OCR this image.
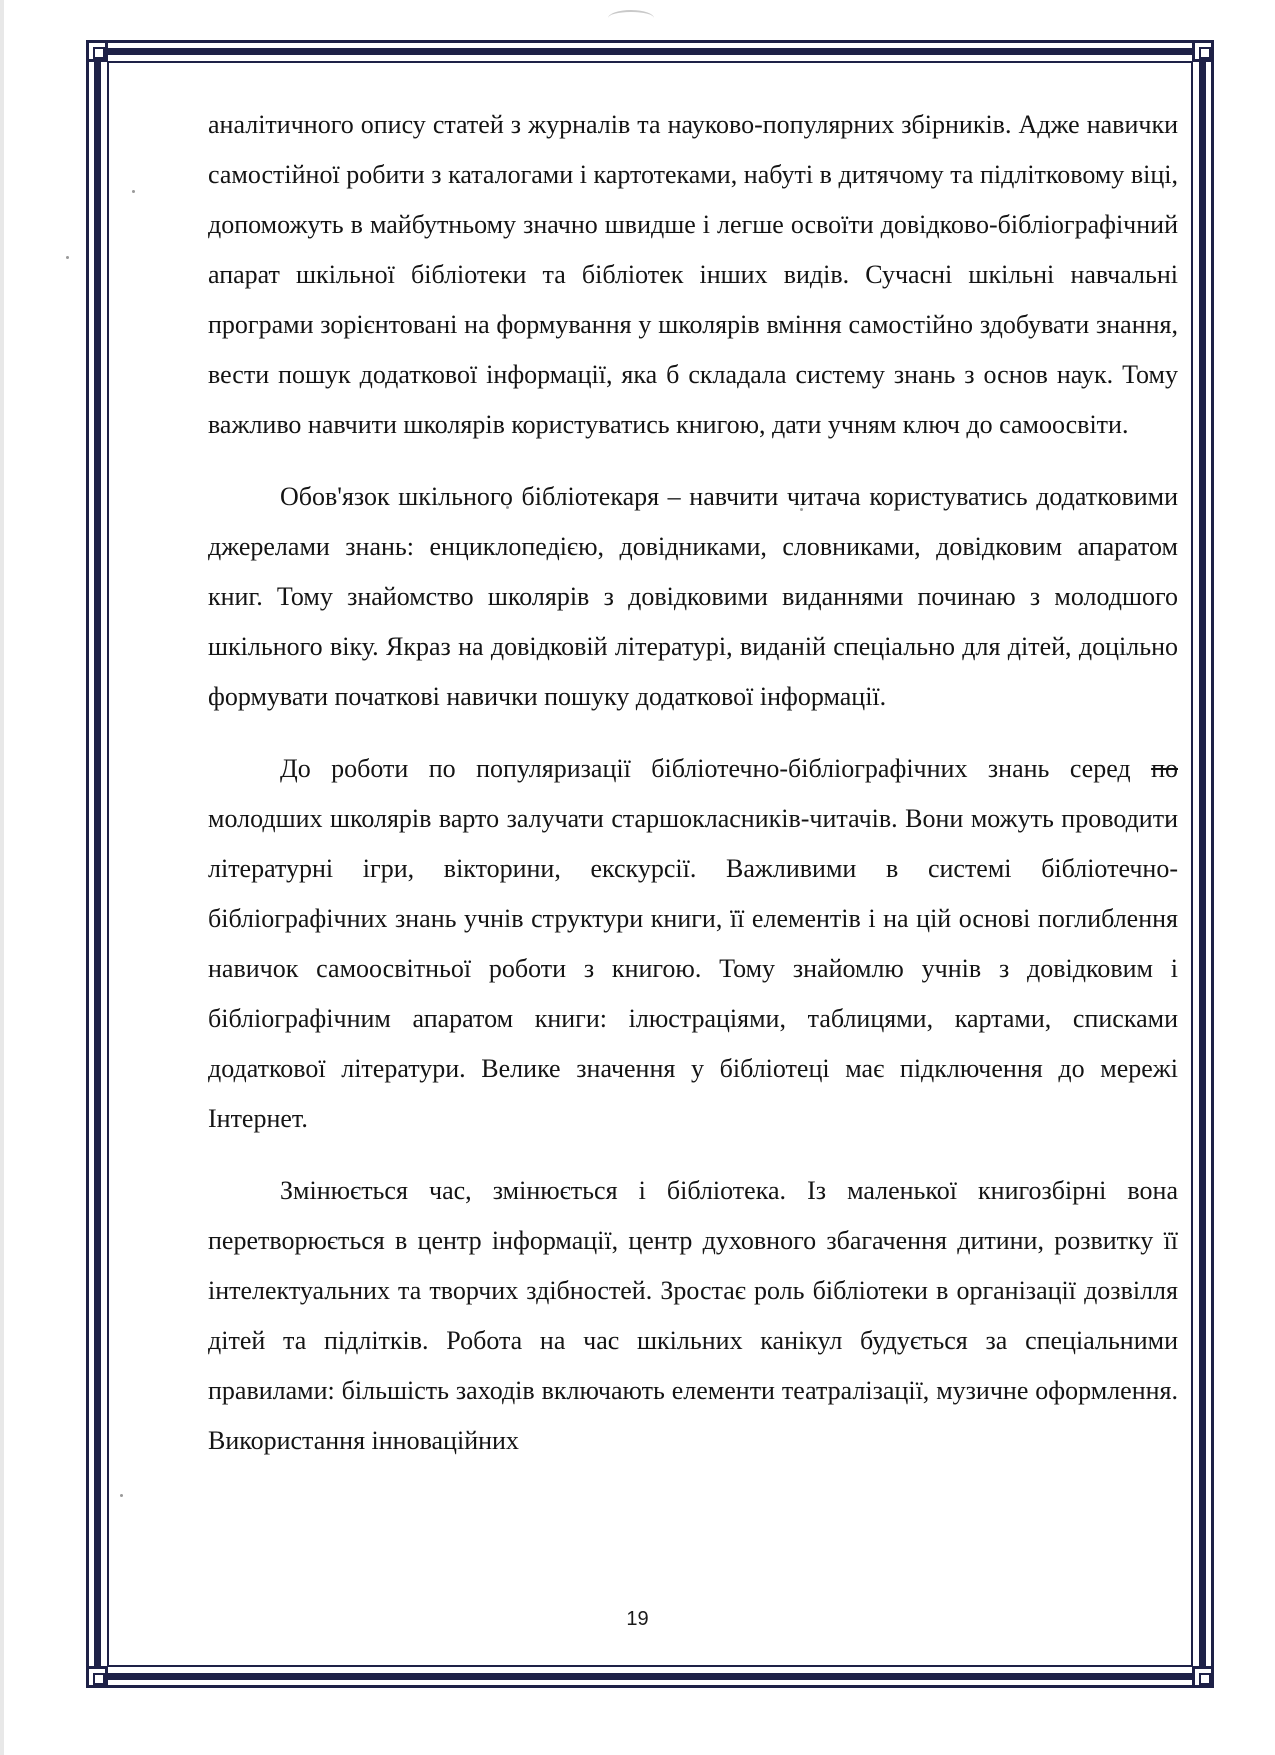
аналітичного опису статей з журналів та науково-популярних збірників. Адже навички самостійної робити з каталогами і картотеками, набуті в дитячому та підлітковому віці, допоможуть в майбутньому значно швидше і легше освоїти довідково-бібліографічний апарат шкільної бібліотеки та бібліотек інших видів. Сучасні шкільні навчальні програми зорієнтовані на формування у школярів вміння самостійно здобувати знання, вести пошук додаткової інформації, яка б складала систему знань з основ наук. Тому важливо навчити школярів користуватись книгою, дати учням ключ до самоосвіти.

Обов'язок шкільного бібліотекаря – навчити читача користуватись додатковими джерелами знань: енциклопедією, довідниками, словниками, довідковим апаратом книг. Тому знайомство школярів з довідковими виданнями починаю з молодшого шкільного віку. Якраз на довідковій літературі, виданій спеціально для дітей, доцільно формувати початкові навички пошуку додаткової інформації.

До роботи по популяризації бібліотечно-бібліографічних знань серед по молодших школярів варто залучати старшокласників-читачів. Вони можуть проводити літературні ігри, вікторини, екскурсії. Важливими в системі бібліотечно-бібліографічних знань учнів структури книги, її елементів і на цій основі поглиблення навичок самоосвітньої роботи з книгою. Тому знайомлю учнів з довідковим і бібліографічним апаратом книги: ілюстраціями, таблицями, картами, списками додаткової літератури. Велике значення у бібліотеці має підключення до мережі Інтернет.

Змінюється час, змінюється і бібліотека. Із маленької книгозбірні вона перетворюється в центр інформації, центр духовного збагачення дитини, розвитку її інтелектуальних та творчих здібностей. Зростає роль бібліотеки в організації дозвілля дітей та підлітків. Робота на час шкільних канікул будується за спеціальними правилами: більшість заходів включають елементи театралізації, музичне оформлення. Використання інноваційних

19
